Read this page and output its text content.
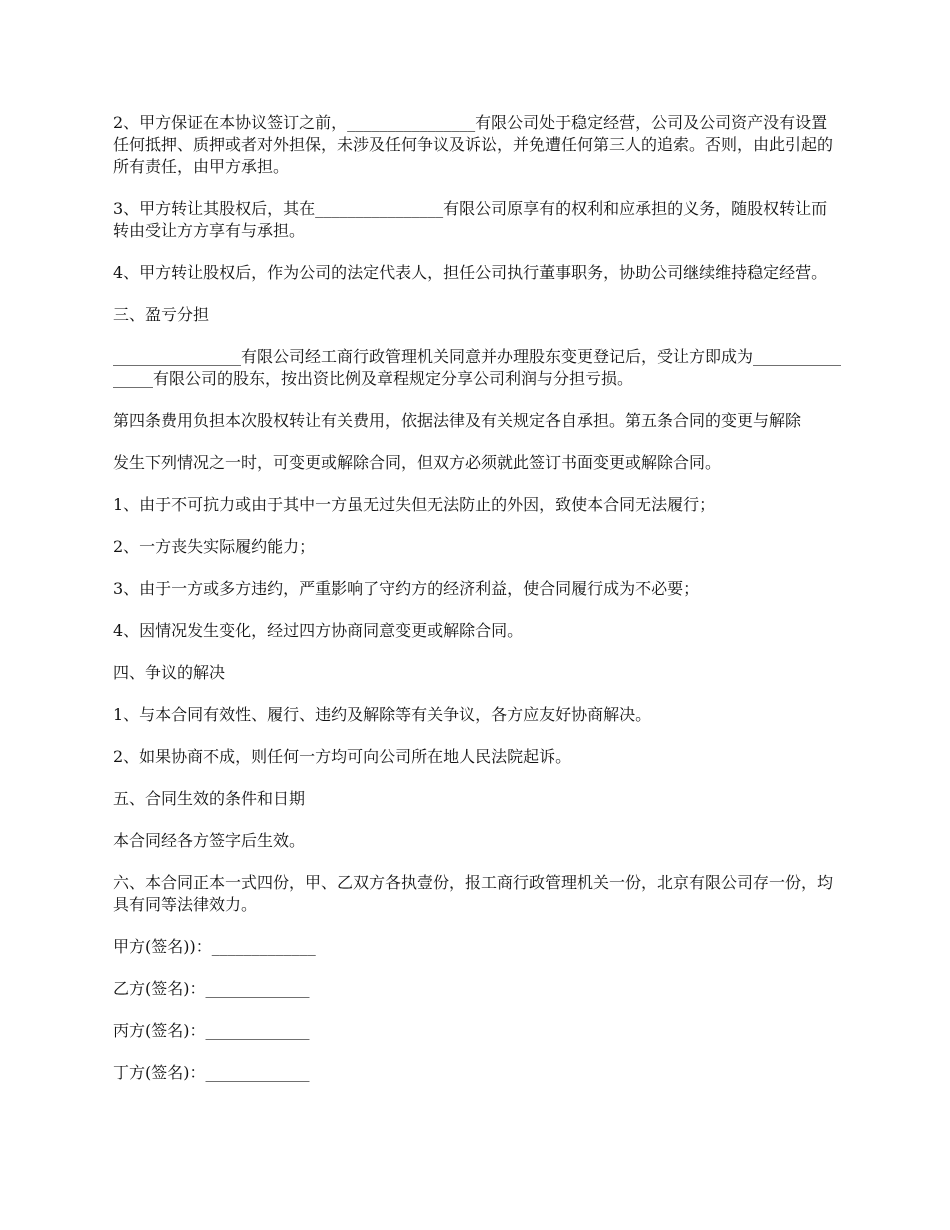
2、甲方保证在本协议签订之前，________________有限公司处于稳定经营，公司及公司资产没有设置任何抵押、质押或者对外担保，未涉及任何争议及诉讼，并免遭任何第三人的追索。否则，由此引起的所有责任，由甲方承担。

3、甲方转让其股权后，其在________________有限公司原享有的权利和应承担的义务，随股权转让而转由受让方方享有与承担。

4、甲方转让股权后，作为公司的法定代表人，担任公司执行董事职务，协助公司继续维持稳定经营。

三、盈亏分担

________________有限公司经工商行政管理机关同意并办理股东变更登记后，受让方即成为________________有限公司的股东，按出资比例及章程规定分享公司利润与分担亏损。

第四条费用负担本次股权转让有关费用，依据法律及有关规定各自承担。第五条合同的变更与解除

发生下列情况之一时，可变更或解除合同，但双方必须就此签订书面变更或解除合同。

1、由于不可抗力或由于其中一方虽无过失但无法防止的外因，致使本合同无法履行；

2、一方丧失实际履约能力；

3、由于一方或多方违约，严重影响了守约方的经济利益，使合同履行成为不必要；

4、因情况发生变化，经过四方协商同意变更或解除合同。

四、争议的解决

1、与本合同有效性、履行、违约及解除等有关争议，各方应友好协商解决。

2、如果协商不成，则任何一方均可向公司所在地人民法院起诉。

五、合同生效的条件和日期

本合同经各方签字后生效。

六、本合同正本一式四份，甲、乙双方各执壹份，报工商行政管理机关一份，北京有限公司存一份，均具有同等法律效力。

甲方(签名))：_____________

乙方(签名)：_____________

丙方(签名)：_____________

丁方(签名)：_____________
